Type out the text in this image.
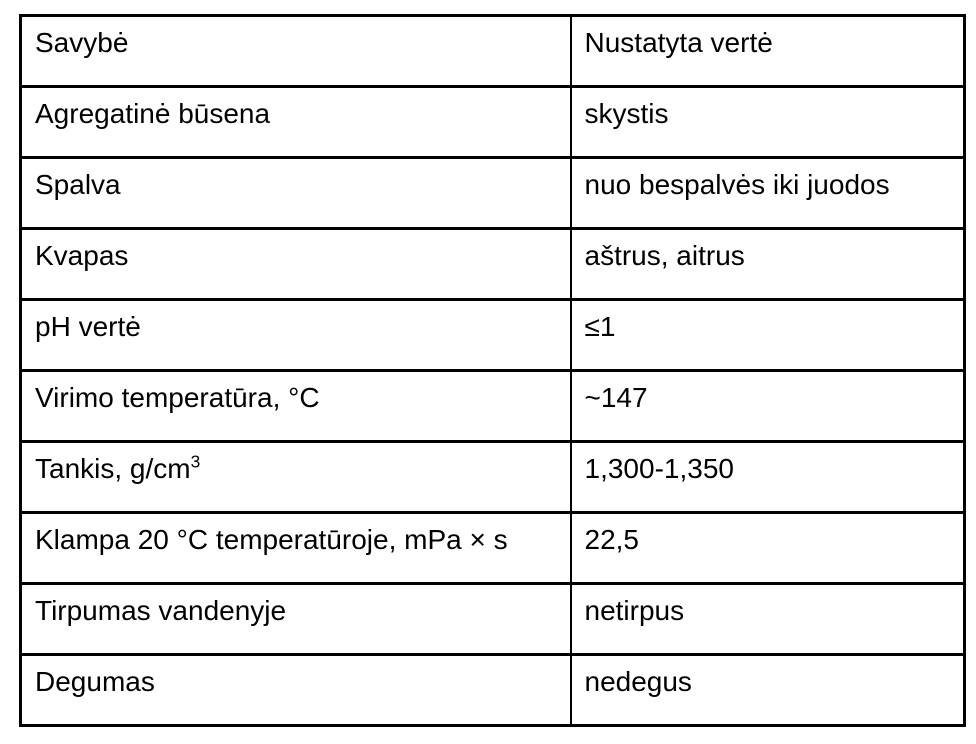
Savybė	Nustatyta vertė
Agregatinė būsena	skystis
Spalva	nuo bespalvės iki juodos
Kvapas	aštrus, aitrus
pH vertė	≤1
Virimo temperatūra, °C	~147
Tankis, $g/cm^3$	1,300-1,350
Klampa 20 °C temperatūroje, mPa × s	22,5
Tirpumas vandenyje	netirpus
Degumas	nedegus
